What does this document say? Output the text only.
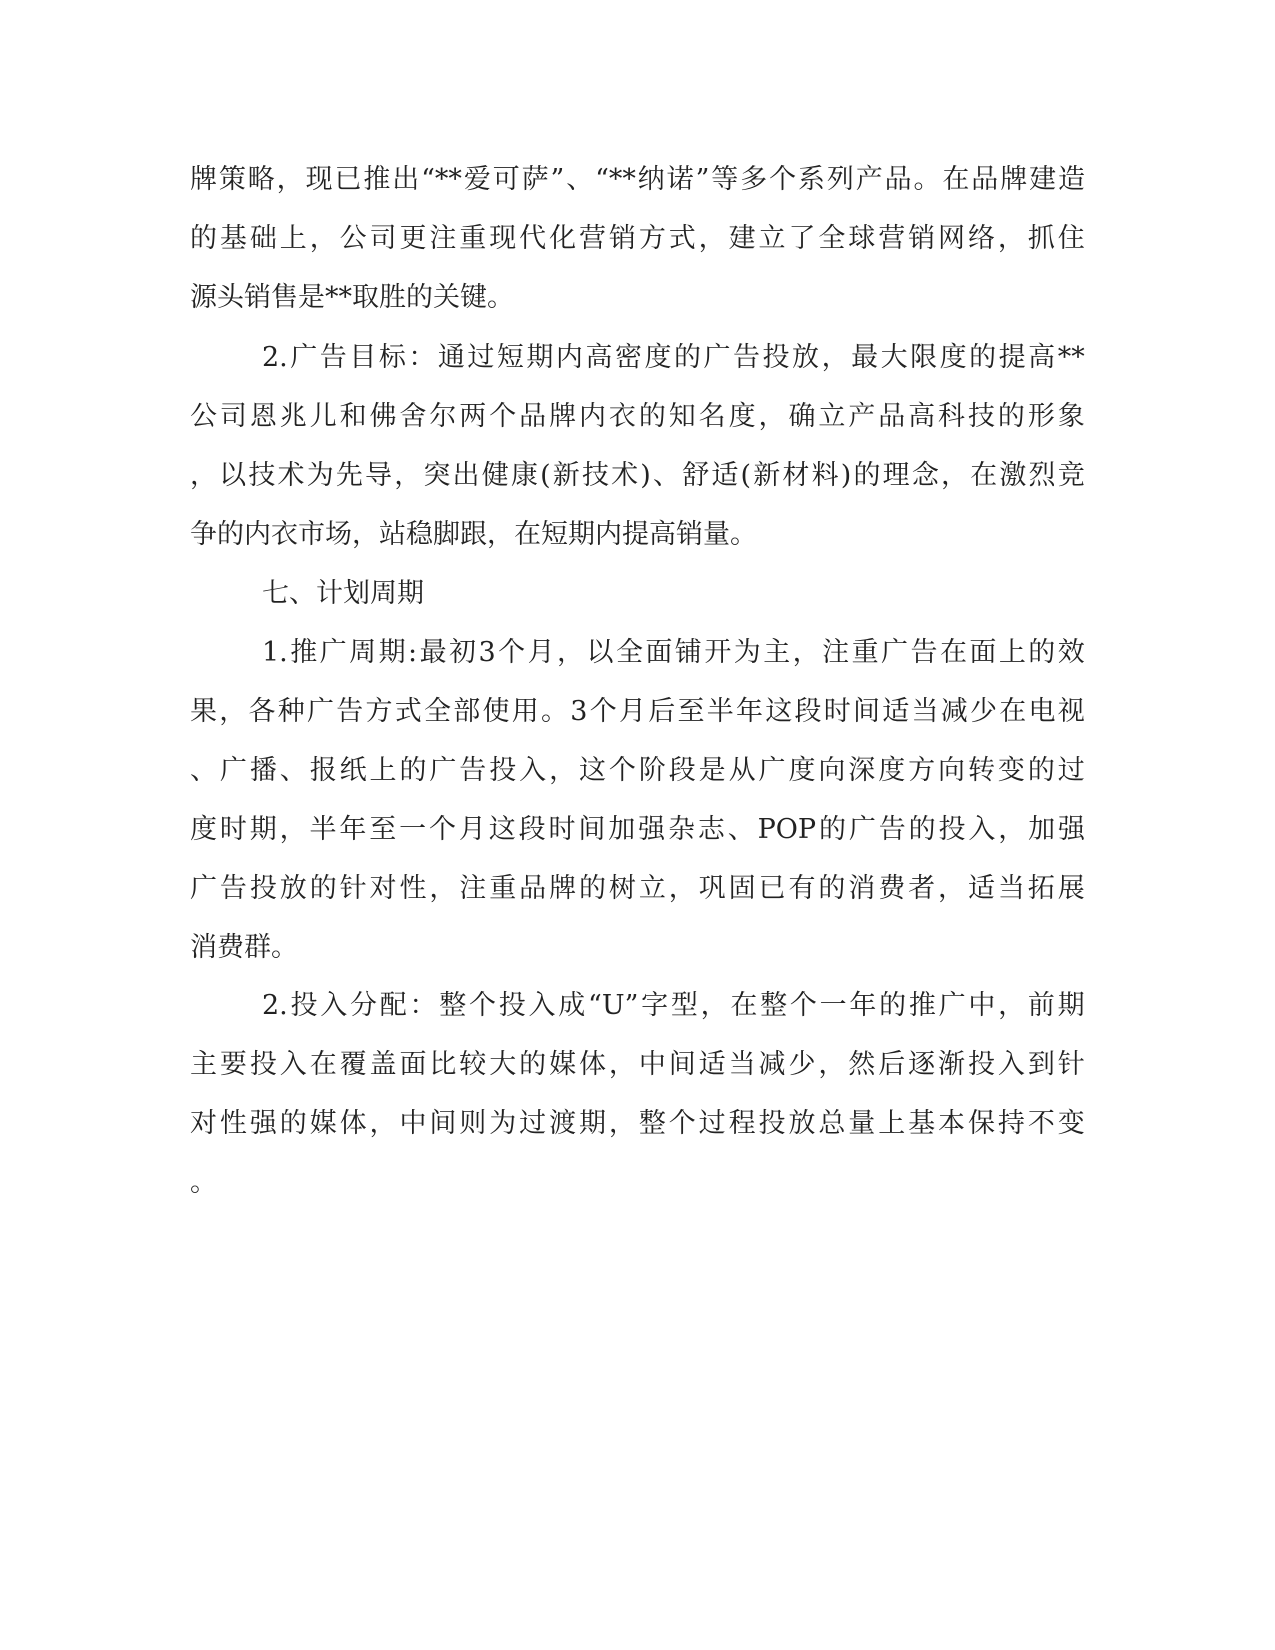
牌 策 略 ， 现 已 推 出 “** 爱 可 萨 ” 、 “** 纳 诺 ” 等 多 个 系 列 产 品 。 在 品 牌 建 造
的 基 础 上 ， 公 司 更 注 重 现 代 化 营 销 方 式 ， 建 立 了 全 球 营 销 网 络 ， 抓 住
源头销售是**取胜的关键。
2. 广 告 目 标 ： 通 过 短 期 内 高 密 度 的 广 告 投 放 ， 最 大 限 度 的 提 高 **
公 司 恩 兆 儿 和 佛 舍 尔 两 个 品 牌 内 衣 的 知 名 度 ， 确 立 产 品 高 科 技 的 形 象
， 以 技 术 为 先 导 ， 突 出 健 康 ( 新 技 术 ) 、 舒 适 ( 新 材 料 ) 的 理 念 ， 在 激 烈 竞
争的内衣市场，站稳脚跟，在短期内提高销量。
七、计划周期
1. 推 广 周 期 : 最 初 3 个 月 ， 以 全 面 铺 开 为 主 ， 注 重 广 告 在 面 上 的 效
果 ， 各 种 广 告 方 式 全 部 使 用 。 3 个 月 后 至 半 年 这 段 时 间 适 当 减 少 在 电 视
、 广 播 、 报 纸 上 的 广 告 投 入 ， 这 个 阶 段 是 从 广 度 向 深 度 方 向 转 变 的 过
度 时 期 ， 半 年 至 一 个 月 这 段 时 间 加 强 杂 志 、 POP 的 广 告 的 投 入 ， 加 强
广 告 投 放 的 针 对 性 ， 注 重 品 牌 的 树 立 ， 巩 固 已 有 的 消 费 者 ， 适 当 拓 展
消费群。
2. 投 入 分 配 ： 整 个 投 入 成 “U” 字 型 ， 在 整 个 一 年 的 推 广 中 ， 前 期
主 要 投 入 在 覆 盖 面 比 较 大 的 媒 体 ， 中 间 适 当 减 少 ， 然 后 逐 渐 投 入 到 针
对 性 强 的 媒 体 ， 中 间 则 为 过 渡 期 ， 整 个 过 程 投 放 总 量 上 基 本 保 持 不 变
。
